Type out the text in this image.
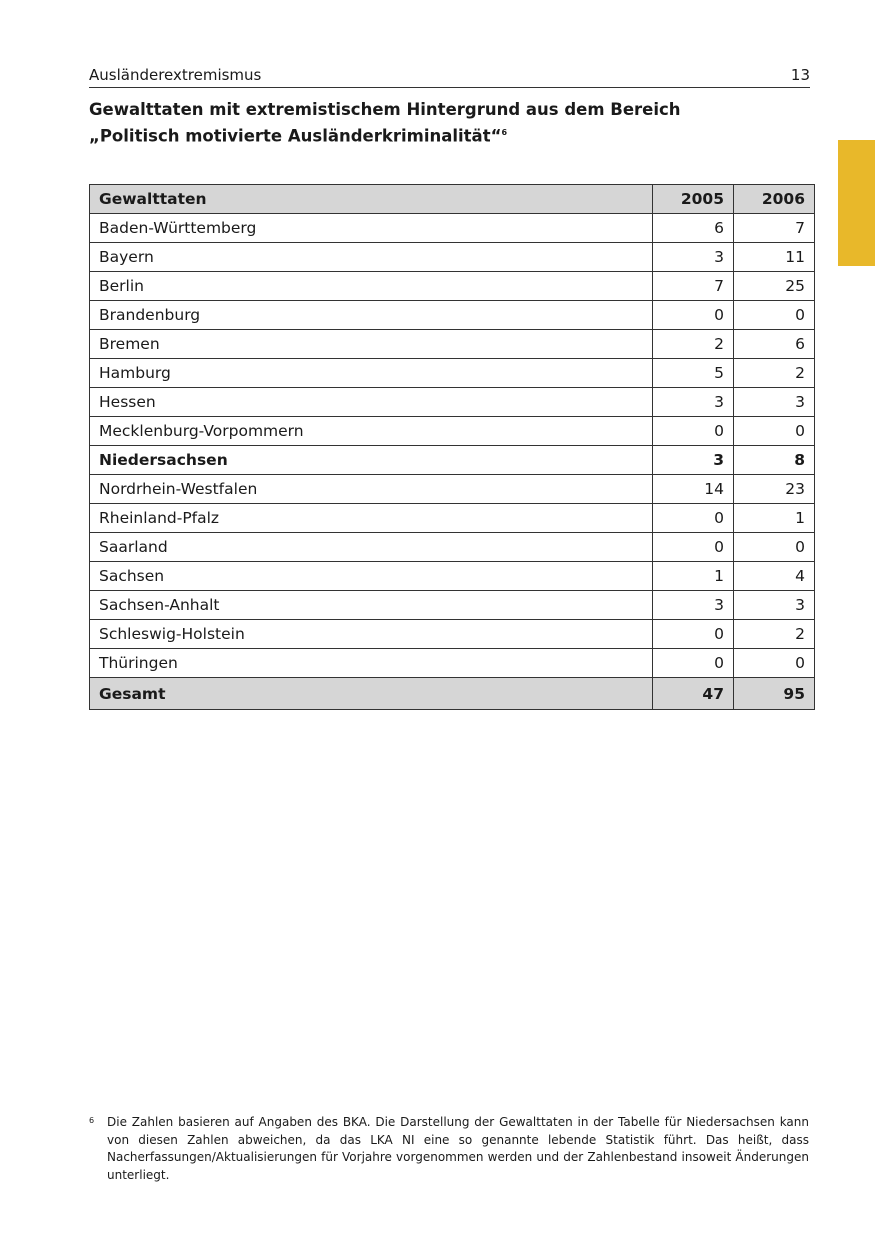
Ausländerextremismus	13
Gewalttaten mit extremistischem Hintergrund aus dem Bereich
„Politisch motivierte Ausländerkriminalität“$^6$
Gewalttaten	2005	2006
Baden-Württemberg	6	7
Bayern	3	11
Berlin	7	25
Brandenburg	0	0
Bremen	2	6
Hamburg	5	2
Hessen	3	3
Mecklenburg-Vorpommern	0	0
Niedersachsen	3	8
Nordrhein-Westfalen	14	23
Rheinland-Pfalz	0	1
Saarland	0	0
Sachsen	1	4
Sachsen-Anhalt	3	3
Schleswig-Holstein	0	2
Thüringen	0	0
Gesamt	47	95
6	Die Zahlen basieren auf Angaben des BKA. Die Darstellung der Gewalttaten in der Tabelle für Niedersachsen kann von diesen Zahlen abweichen, da das LKA NI eine so genannte lebende Statistik führt. Das heißt, dass Nacherfassungen/Aktualisierungen für Vorjahre vorgenommen werden und der Zahlenbestand insoweit Änderungen unterliegt.
